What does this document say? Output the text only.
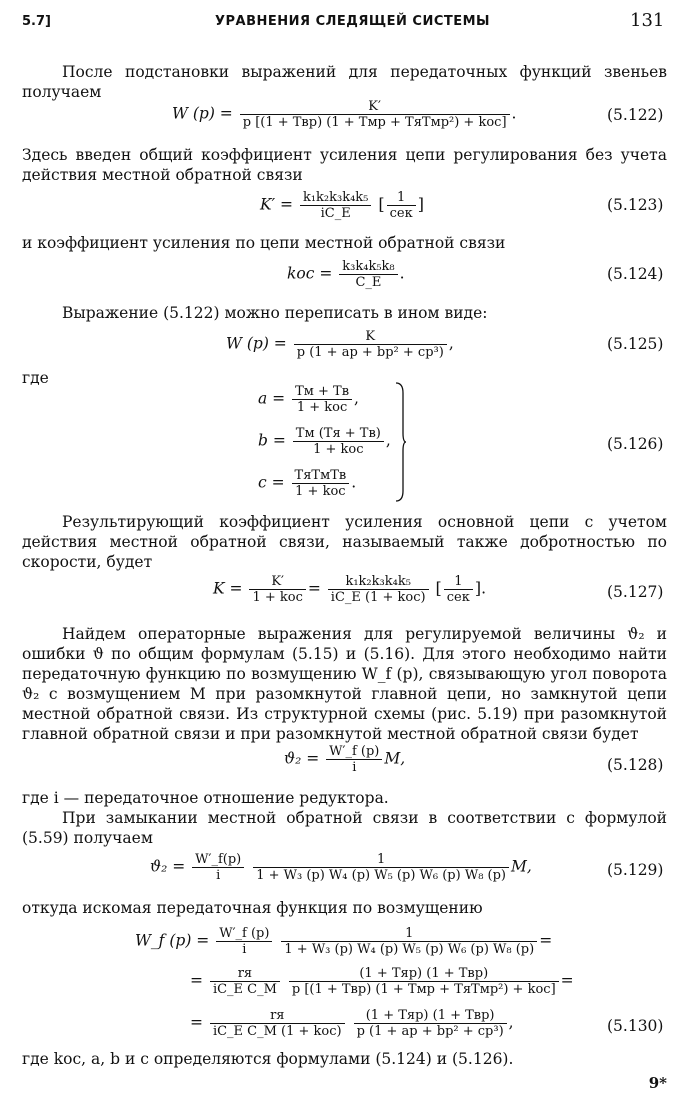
5.7]	УРАВНЕНИЯ СЛЕДЯЩЕЙ СИСТЕМЫ	131
После подстановки выражений для передаточных функций звеньев получаем
W $(p) = \frac{K'}{\text{p [(1 + Tвp) (1 + Tмp + TяTмp²) + kос]}}$ .	(5.122)
Здесь введен общий коэффициент усиления цепи регулирования без учета действия местной обратной связи
$K' = \frac{\text{k₁k₂k₃k₄k₅}}{iC\_E}$ [ $\frac{1}{\text{сек}}$ ]	(5.123)
и коэффициент усиления по цепи местной обратной связи
kос = $\frac{\text{k₃k₄k₅k₈}}{C\_E}$ .	(5.124)
Выражение (5.122) можно переписать в ином виде:
W $(p) = \frac{K}{\text{p (1 + ap + bp² + cp³)}}$ ,	(5.125)
где
$a = \frac{Tм + Tв}{\text{1 + kос}}$ ,
$b = \frac{Tм (Tя + Tв)}{\text{1 + kос}}$ ,
$c = \frac{\text{TяTмTв}}{\text{1 + kос}}$ .
(5.126)
Результирующий коэффициент усиления основной цепи с учетом действия местной обратной связи, называемый также добротностью по скорости, будет
$K = \frac{K'}{\text{1 + kос}} = \frac{\text{k₁k₂k₃k₄k₅}}{\text{iC\_E (1 + kос)}}$ [ $\frac{1}{\text{сек}}$ ].	(5.127)
Найдем операторные выражения для регулируемой величины ϑ₂ и ошибки ϑ по общим формулам (5.15) и (5.16). Для этого необходимо найти передаточную функцию по возмущению W_f (p), связывающую угол поворота ϑ₂ с возмущением M при разомкнутой главной цепи, но замкнутой цепи местной обратной связи. Из структурной схемы (рис. 5.19) при разомкнутой главной обратной связи и при разомкнутой местной обратной связи будет
$ϑ_2 = \frac{W'\_f (p)}{i} M$,	(5.128)
где i — передаточное отношение редуктора.
При замыкании местной обратной связи в соответствии с формулой (5.59) получаем
$ϑ_2 = \frac{W'\_f(p)}{i}$
$\frac{1}{\text{1 + W₃ (p) W₄ (p) W₅ (p) W₆ (p) W₈ (p)}} M$,	(5.129)
откуда искомая передаточная функция по возмущению
W_f $(p) = \frac{W'\_f (p)}{i}$
$\frac{1}{\text{1 + W₃ (p) W₄ (p) W₅ (p) W₆ (p) W₈ (p)}}$ =
= $\frac{rя}{\text{iC\_E C\_M}}$
$\frac{\text{(1 + Tяp) (1 + Tвp)}}{\text{p [(1 + Tвp) (1 + Tмp + TяTмp²) + kос]}}$ =
= $\frac{rя}{\text{iC\_E C\_M (1 + kос)}}$
$\frac{\text{(1 + Tяp) (1 + Tвp)}}{\text{p (1 + ap + bp² + cp³)}}$ ,	(5.130)
где kос, a, b и c определяются формулами (5.124) и (5.126).
9*
